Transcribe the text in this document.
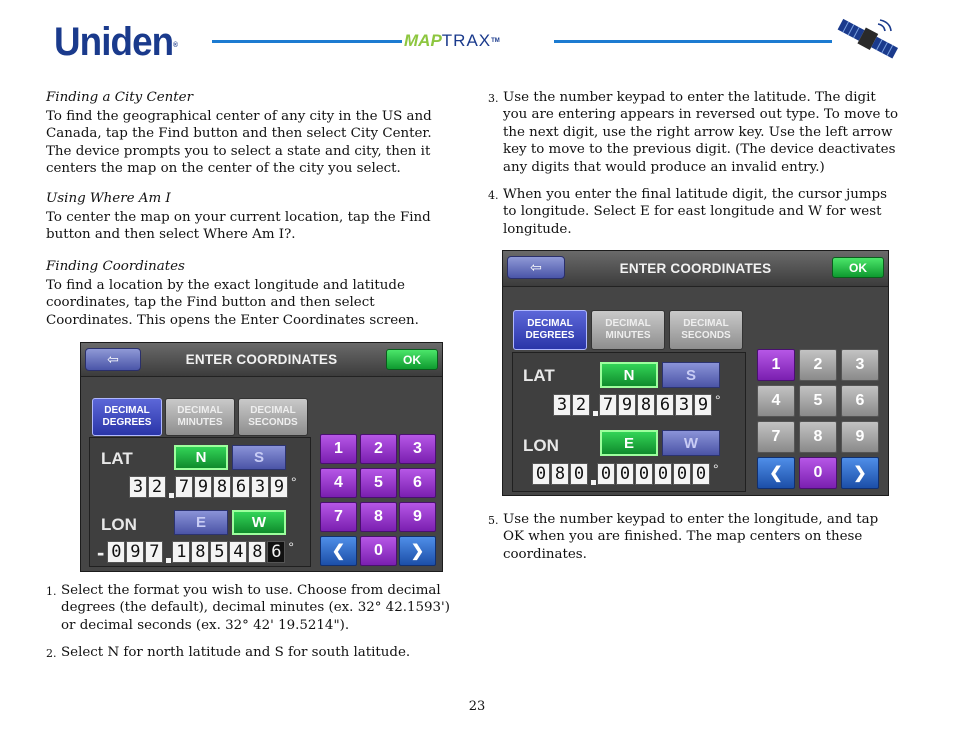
Uniden®	MAPTRAX™
Finding a City Center
To find the geographical center of any city in the US and
Canada, tap the Find button and then select City Center.
The device prompts you to select a state and city, then it
centers the map on the center of the city you select.
Using Where Am I
To center the map on your current location, tap the Find
button and then select Where Am I?.
Finding Coordinates
To find a location by the exact longitude and latitude
coordinates, tap the Find button and then select
Coordinates. This opens the Enter Coordinates screen.
⇦	ENTER COORDINATES	OK
DECIMAL
DEGREES
DECIMAL
MINUTES
DECIMAL
SECONDS
LAT	N	S
3 2 7 9 8 6 3 9 °
LON	E	W
- 0 9 7 1 8 5 4 8 6 °
1	2	3
4	5	6
7	8	9
❮	0	❯
1. Select the format you wish to use. Choose from decimal
degrees (the default), decimal minutes (ex. 32° 42.1593')
or decimal seconds (ex. 32° 42' 19.5214").
2. Select N for north latitude and S for south latitude.
3. Use the number keypad to enter the latitude. The digit
you are entering appears in reversed out type. To move to
the next digit, use the right arrow key. Use the left arrow
key to move to the previous digit. (The device deactivates
any digits that would produce an invalid entry.)
4. When you enter the final latitude digit, the cursor jumps
to longitude. Select E for east longitude and W for west
longitude.
⇦	ENTER COORDINATES	OK
DECIMAL
DEGREES
DECIMAL
MINUTES
DECIMAL
SECONDS
LAT	N	S
3 2 7 9 8 6 3 9 °
LON	E	W
0 8 0 0 0 0 0 0 0 °
1	2	3
4	5	6
7	8	9
❮	0	❯
5. Use the number keypad to enter the longitude, and tap
OK when you are finished. The map centers on these
coordinates.
23
